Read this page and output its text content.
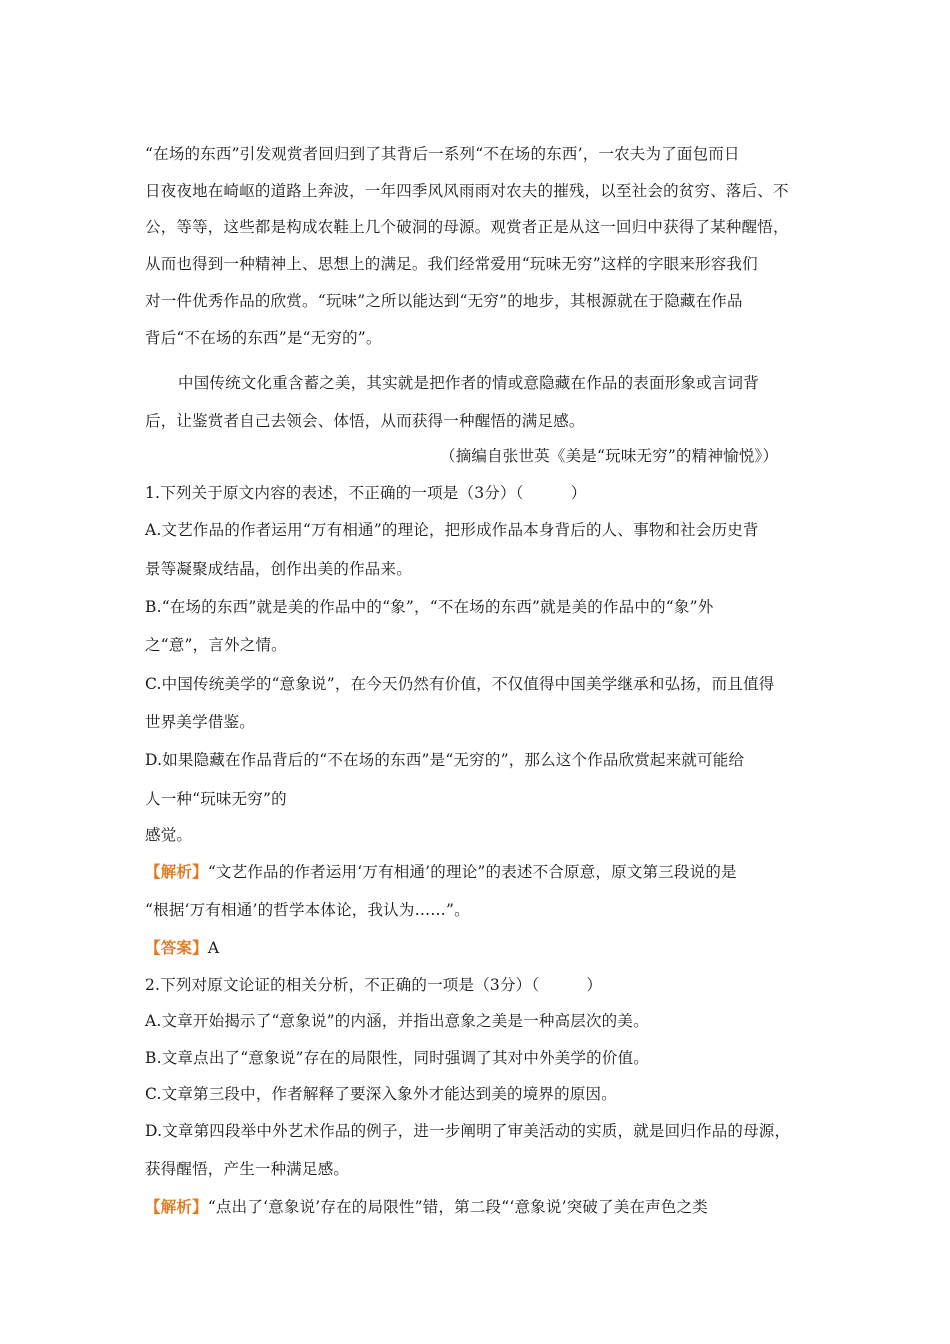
“在场的东西”引发观赏者回归到了其背后一系列“不在场的东西’，一农夫为了面包而日
日夜夜地在崎岖的道路上奔波，一年四季风风雨雨对农夫的摧残，以至社会的贫穷、落后、不
公，等等，这些都是构成农鞋上几个破洞的母源。观赏者正是从这一回归中获得了某种醒悟，
从而也得到一种精神上、思想上的满足。我们经常爱用“玩味无穷”这样的字眼来形容我们
对一件优秀作品的欣赏。“玩味”之所以能达到“无穷”的地步，其根源就在于隐藏在作品
背后“不在场的东西”是“无穷的”。
中国传统文化重含蓄之美，其实就是把作者的情或意隐藏在作品的表面形象或言词背
后，让鉴赏者自己去领会、体悟，从而获得一种醒悟的满足感。
（摘编自张世英《美是“玩味无穷”的精神愉悦》）
1.下列关于原文内容的表述，不正确的一项是（3分）（　　　）
A.文艺作品的作者运用“万有相通”的理论，把形成作品本身背后的人、事物和社会历史背
景等凝聚成结晶，创作出美的作品来。
B.“在场的东西”就是美的作品中的“象”，“不在场的东西”就是美的作品中的“象”外
之“意”，言外之情。
C.中国传统美学的“意象说”，在今天仍然有价值，不仅值得中国美学继承和弘扬，而且值得
世界美学借鉴。
D.如果隐藏在作品背后的“不在场的东西”是“无穷的”，那么这个作品欣赏起来就可能给
人一种“玩味无穷”的
感觉。
【解析】“文艺作品的作者运用‘万有相通’的理论”的表述不合原意，原文第三段说的是
“根据‘万有相通’的哲学本体论，我认为……”。
【答案】A
2.下列对原文论证的相关分析，不正确的一项是（3分）（　　　）
A.文章开始揭示了“意象说”的内涵，并指出意象之美是一种高层次的美。
B.文章点出了“意象说”存在的局限性，同时强调了其对中外美学的价值。
C.文章第三段中，作者解释了要深入象外才能达到美的境界的原因。
D.文章第四段举中外艺术作品的例子，进一步阐明了审美活动的实质，就是回归作品的母源，
获得醒悟，产生一种满足感。
【解析】“点出了‘意象说’存在的局限性”错，第二段“‘意象说’突破了美在声色之类
